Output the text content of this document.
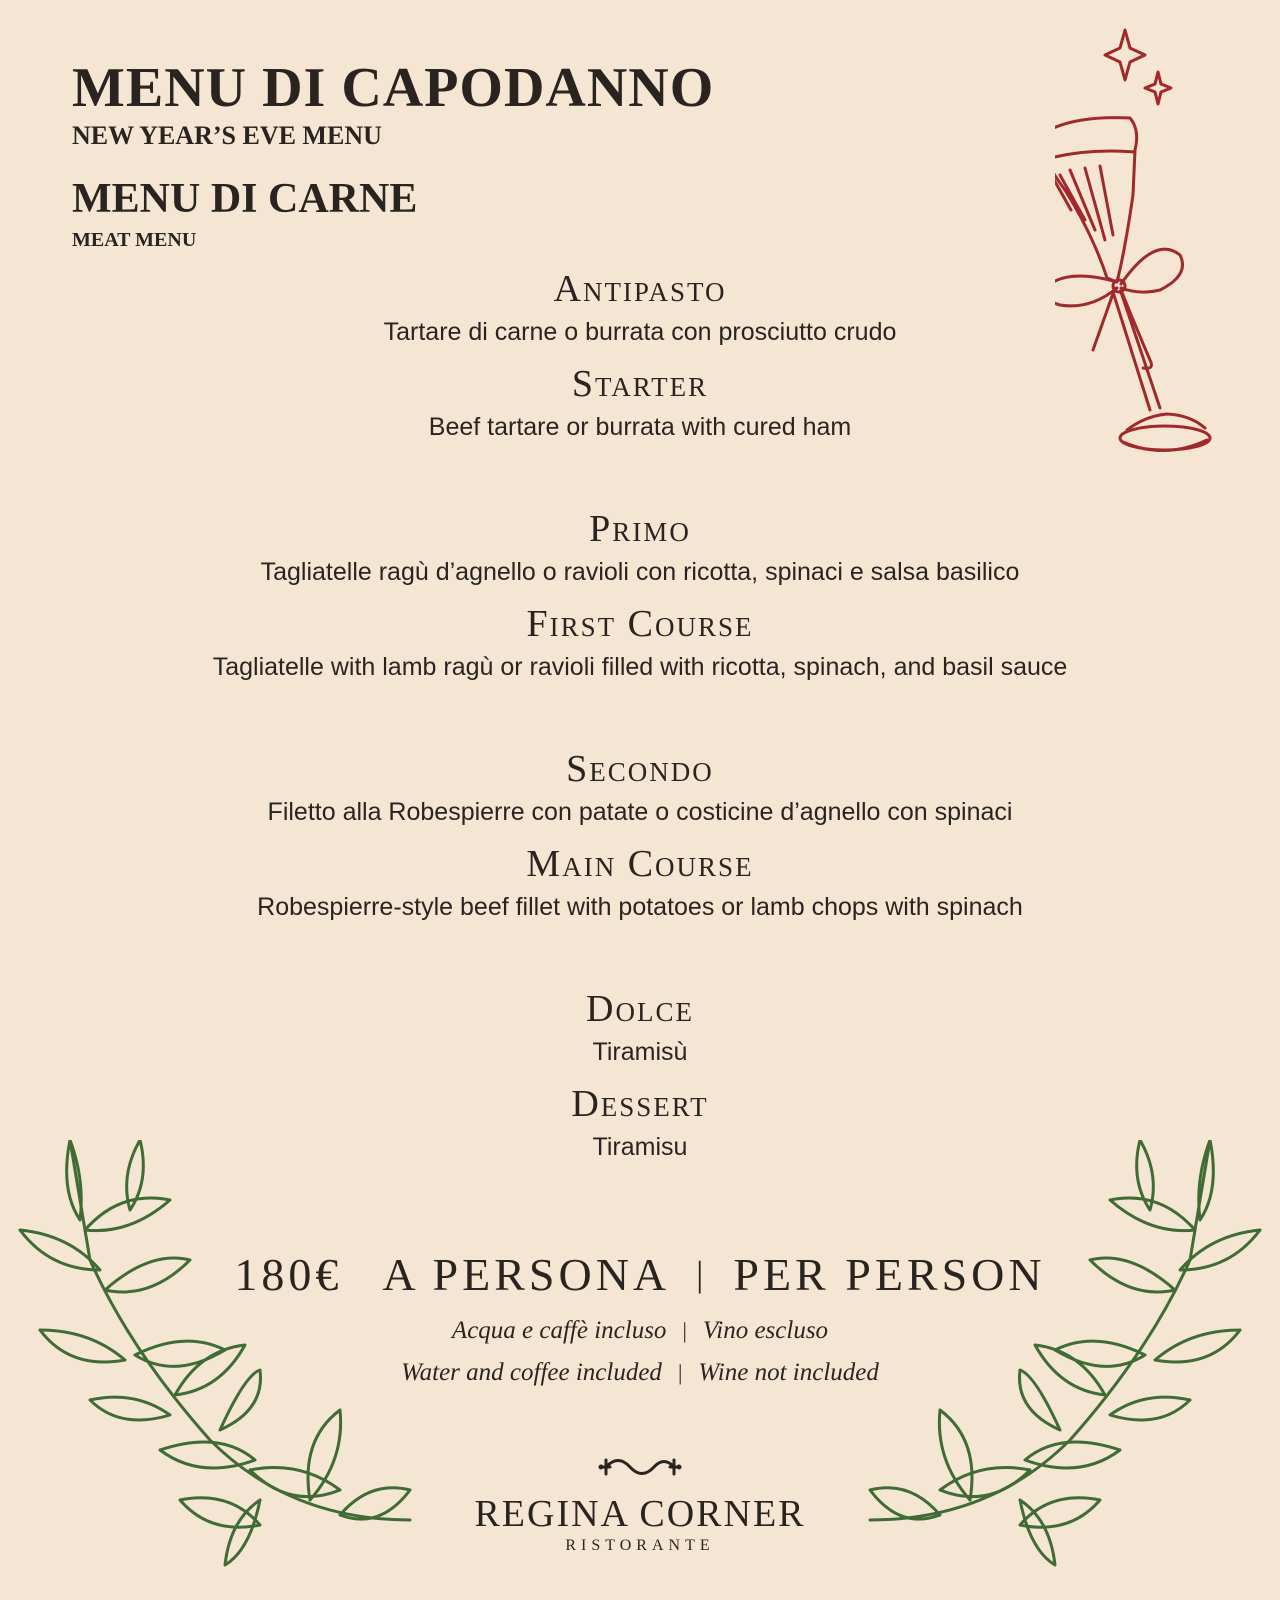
MENU DI CAPODANNO
NEW YEAR’S EVE MENU
MENU DI CARNE
MEAT MENU
Antipasto
Tartare di carne o burrata con prosciutto crudo
Starter
Beef tartare or burrata with cured ham
Primo
Tagliatelle ragù d’agnello o ravioli con ricotta, spinaci e salsa basilico
First Course
Tagliatelle with lamb ragù or ravioli filled with ricotta, spinach, and basil sauce
Secondo
Filetto alla Robespierre con patate o costicine d’agnello con spinaci
Main Course
Robespierre-style beef fillet with potatoes or lamb chops with spinach
Dolce
Tiramisù
Dessert
Tiramisu
180€ A PERSONA | PER PERSON
Acqua e caffè incluso | Vino escluso
Water and coffee included | Wine not included
REGINA CORNER
RISTORANTE
